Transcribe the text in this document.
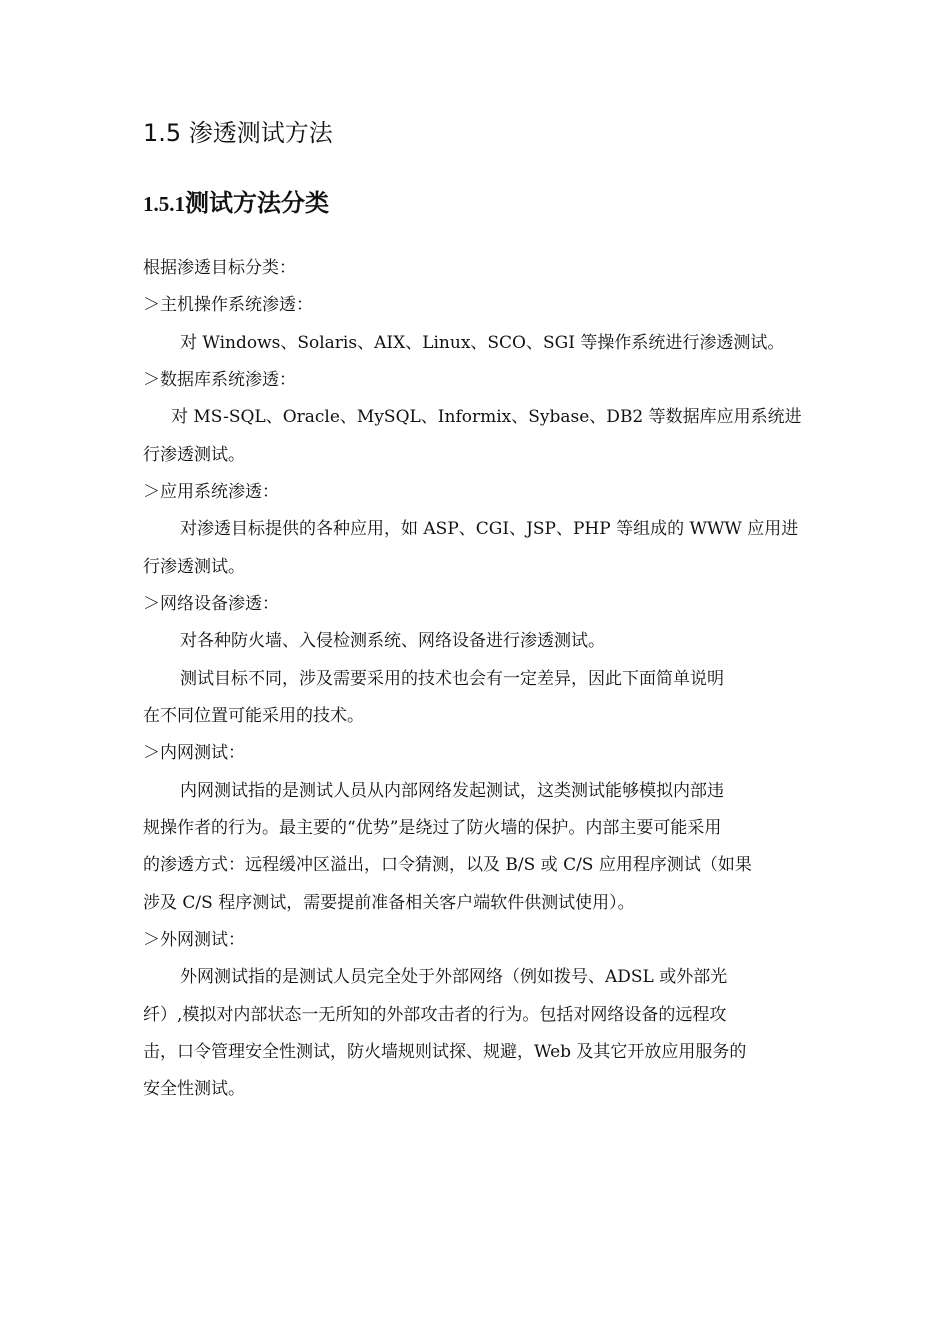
1.5 渗透测试方法
1.5.1测试方法分类

根据渗透目标分类：

＞主机操作系统渗透：

对 Windows、Solaris、AIX、Linux、SCO、SGI 等操作系统进行渗透测试。

＞数据库系统渗透：

对 MS-SQL、Oracle、MySQL、Informix、Sybase、DB2 等数据库应用系统进

行渗透测试。

＞应用系统渗透：

对渗透目标提供的各种应用，如 ASP、CGI、JSP、PHP 等组成的 WWW 应用进

行渗透测试。

＞网络设备渗透：

对各种防火墙、入侵检测系统、网络设备进行渗透测试。

测试目标不同，涉及需要采用的技术也会有一定差异，因此下面简单说明

在不同位置可能采用的技术。

＞内网测试：

内网测试指的是测试人员从内部网络发起测试，这类测试能够模拟内部违

规操作者的行为。最主要的“优势”是绕过了防火墙的保护。内部主要可能采用

的渗透方式：远程缓冲区溢出，口令猜测，以及 B/S 或 C/S 应用程序测试（如果

涉及 C/S 程序测试，需要提前准备相关客户端软件供测试使用）。

＞外网测试：

外网测试指的是测试人员完全处于外部网络（例如拨号、ADSL 或外部光

纤）,模拟对内部状态一无所知的外部攻击者的行为。包括对网络设备的远程攻

击，口令管理安全性测试，防火墙规则试探、规避，Web 及其它开放应用服务的

安全性测试。
